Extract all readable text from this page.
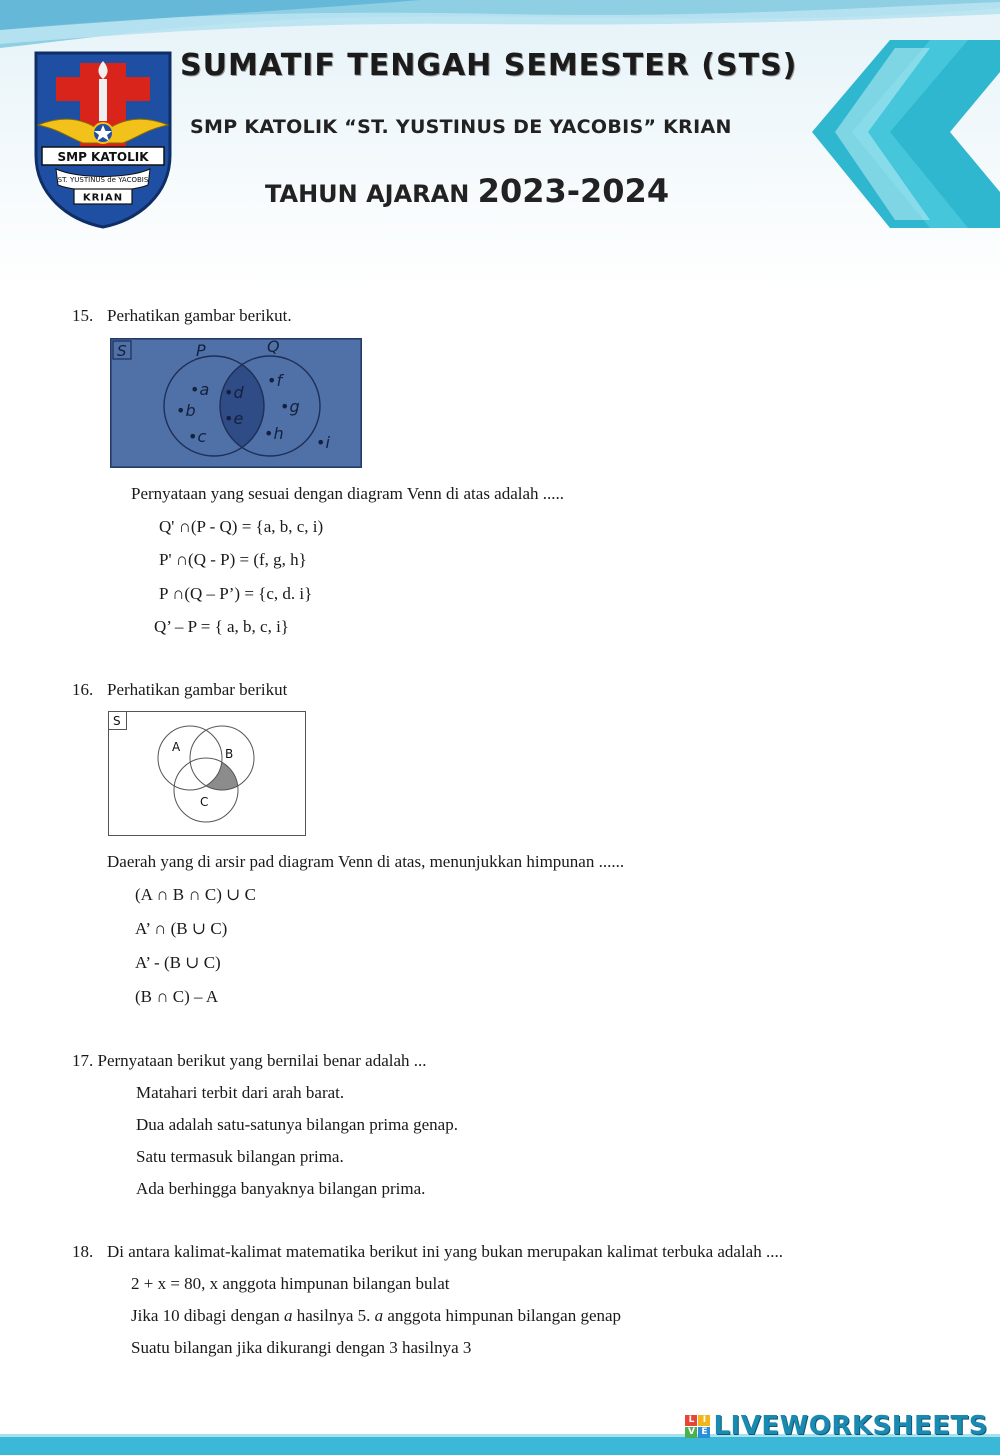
SMP KATOLIK
ST. YUSTINUS de YACOBIS
KRIAN
SUMATIF TENGAH SEMESTER (STS)
SMP KATOLIK “ST. YUSTINUS DE YACOBIS” KRIAN
TAHUN AJARAN 2023-2024
15. Perhatikan gambar berikut.
S	P	Q
•a
•b
•c
•d
•e
•f
•g
•h •i
Pernyataan yang sesuai dengan diagram Venn di atas adalah .....
Q' ∩(P - Q) = {a, b, c, i)
P' ∩(Q - P) = (f, g, h}
P ∩(Q – P’) = {c, d. i}
Q’ – P = { a, b, c, i}
16. Perhatikan gambar berikut
S
A	B
C
Daerah yang di arsir pad diagram Venn di atas, menunjukkan himpunan ......
(A ∩ B ∩ C) ∪ C
A’ ∩ (B ∪ C)
A’ - (B ∪ C)
(B ∩ C) – A
17. Pernyataan berikut yang bernilai benar adalah ...
Matahari terbit dari arah barat.
Dua adalah satu-satunya bilangan prima genap.
Satu termasuk bilangan prima.
Ada berhingga banyaknya bilangan prima.
18. Di antara kalimat-kalimat matematika berikut ini yang bukan merupakan kalimat terbuka adalah ....
2 + x = 80, x anggota himpunan bilangan bulat
Jika 10 dibagi dengan a hasilnya 5. a anggota himpunan bilangan genap
Suatu bilangan jika dikurangi dengan 3 hasilnya 3
L I
V E LIVEWORKSHEETS
